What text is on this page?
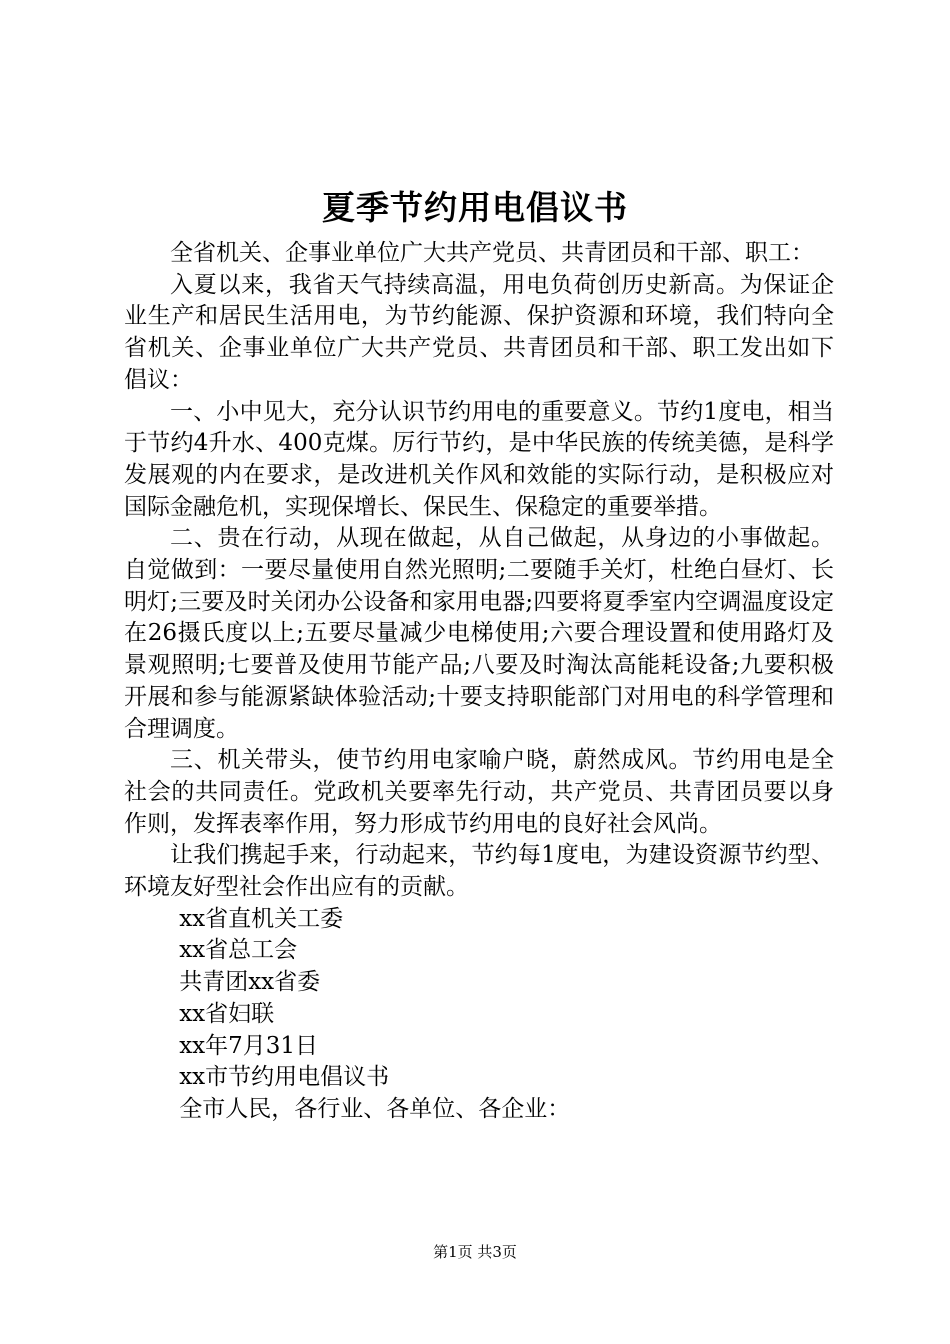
夏季节约用电倡议书

全省机关、企事业单位广大共产党员、共青团员和干部、职工：

入夏以来，我省天气持续高温，用电负荷创历史新高。为保证企业生产和居民生活用电，为节约能源、保护资源和环境，我们特向全省机关、企事业单位广大共产党员、共青团员和干部、职工发出如下倡议：

一、小中见大，充分认识节约用电的重要意义。节约1度电，相当于节约4升水、400克煤。厉行节约，是中华民族的传统美德，是科学发展观的内在要求，是改进机关作风和效能的实际行动，是积极应对国际金融危机，实现保增长、保民生、保稳定的重要举措。

二、贵在行动，从现在做起，从自己做起，从身边的小事做起。自觉做到：一要尽量使用自然光照明;二要随手关灯，杜绝白昼灯、长明灯;三要及时关闭办公设备和家用电器;四要将夏季室内空调温度设定在26摄氏度以上;五要尽量减少电梯使用;六要合理设置和使用路灯及景观照明;七要普及使用节能产品;八要及时淘汰高能耗设备;九要积极开展和参与能源紧缺体验活动;十要支持职能部门对用电的科学管理和合理调度。

三、机关带头，使节约用电家喻户晓，蔚然成风。节约用电是全社会的共同责任。党政机关要率先行动，共产党员、共青团员要以身作则，发挥表率作用，努力形成节约用电的良好社会风尚。

让我们携起手来，行动起来，节约每1度电，为建设资源节约型、环境友好型社会作出应有的贡献。

xx省直机关工委

xx省总工会

共青团xx省委

xx省妇联

xx年7月31日

xx市节约用电倡议书

全市人民，各行业、各单位、各企业：

第1页 共3页
